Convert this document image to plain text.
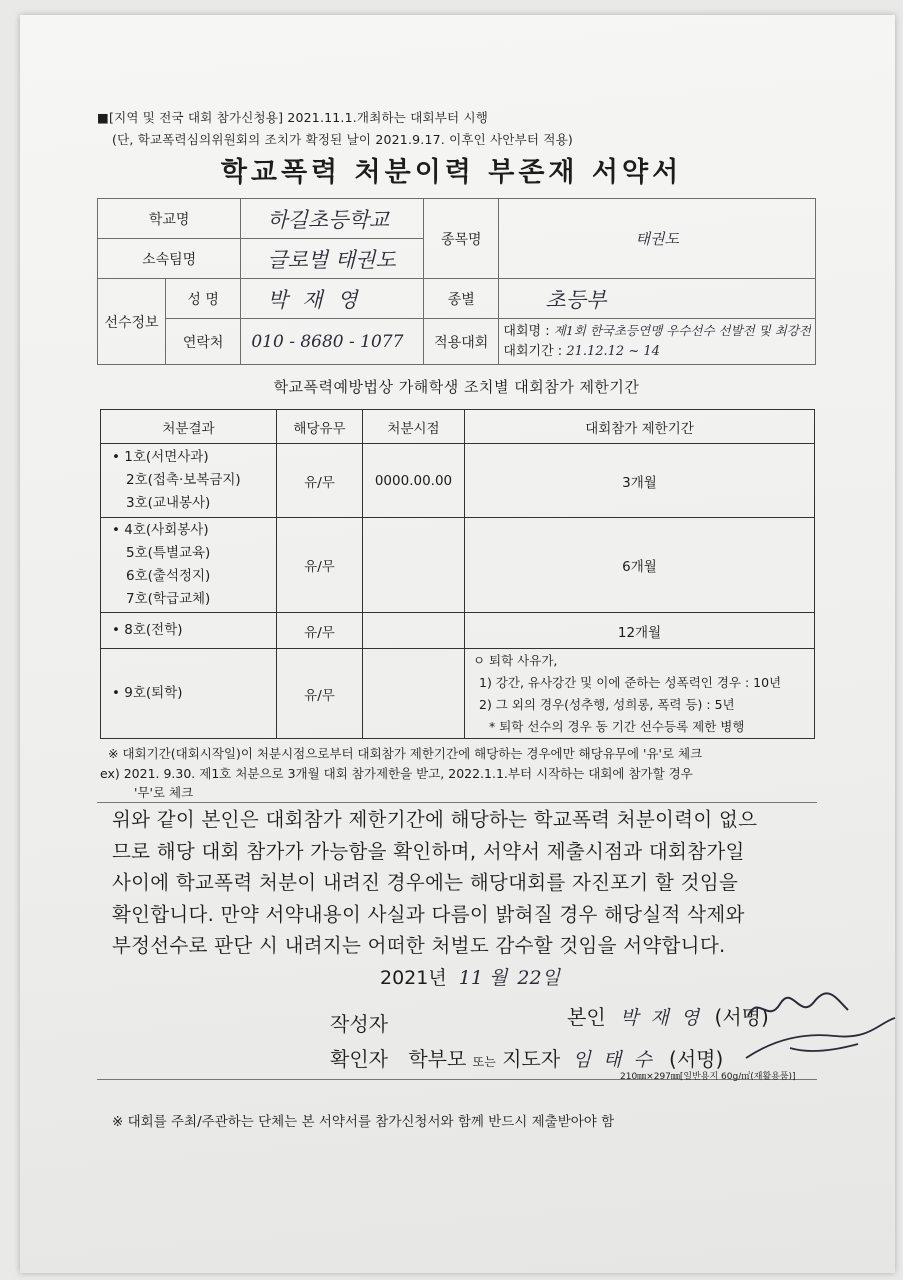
■[지역 및 전국 대회 참가신청용] 2021.11.1.개최하는 대회부터 시행
(단, 학교폭력심의위원회의 조치가 확정된 날이 2021.9.17. 이후인 사안부터 적용)
학교폭력 처분이력 부존재 서약서
학교명		하길초등학교	종목명	태권도
소속팀명		글로벌 태권도		
선수정보	성 명	박 재 영	종별	초등부
	연락처	010 - 8680 - 1077	적용대회	대회명 : 제1회 한국초등연맹 우수선수 선발전 및 최강전
대회기간 : 21.12.12 ~ 14
학교폭력예방법상 가해학생 조치별 대회참가 제한기간
처분결과	해당유무	처분시점	대회참가 제한기간

• 1호(서면사과)
2호(접촉·보복금지)
3호(교내봉사)	유/무	0000.00.00	3개월

• 4호(사회봉사)
5호(특별교육)
6호(출석정지)
7호(학급교체)	유/무		6개월

• 8호(전학)	유/무		12개월

• 9호(퇴학)	유/무		ㅇ 퇴학 사유가,
1) 강간, 유사강간 및 이에 준하는 성폭력인 경우 : 10년
2) 그 외의 경우(성추행, 성희롱, 폭력 등) : 5년
* 퇴학 선수의 경우 동 기간 선수등록 제한 병행
※ 대회기간(대회시작일)이 처분시점으로부터 대회참가 제한기간에 해당하는 경우에만 해당유무에 '유'로 체크
ex) 2021. 9.30. 제1호 처분으로 3개월 대회 참가제한을 받고, 2022.1.1.부터 시작하는 대회에 참가할 경우
'무'로 체크
위와 같이 본인은 대회참가 제한기간에 해당하는 학교폭력 처분이력이 없으
므로 해당 대회 참가가 가능함을 확인하며, 서약서 제출시점과 대회참가일
사이에 학교폭력 처분이 내려진 경우에는 해당대회를 자진포기 할 것임을
확인합니다. 만약 서약내용이 사실과 다름이 밝혀질 경우 해당실적 삭제와
부정선수로 판단 시 내려지는 어떠한 처벌도 감수할 것임을 서약합니다.
2021년 11 월 22일
작성자	본인 박 재 영 (서명)
확인자 학부모 또는 지도자 임 태 수 (서명)
210㎜×297㎜[일반용지 60g/㎡(재활용품)]
※ 대회를 주최/주관하는 단체는 본 서약서를 참가신청서와 함께 반드시 제출받아야 함
